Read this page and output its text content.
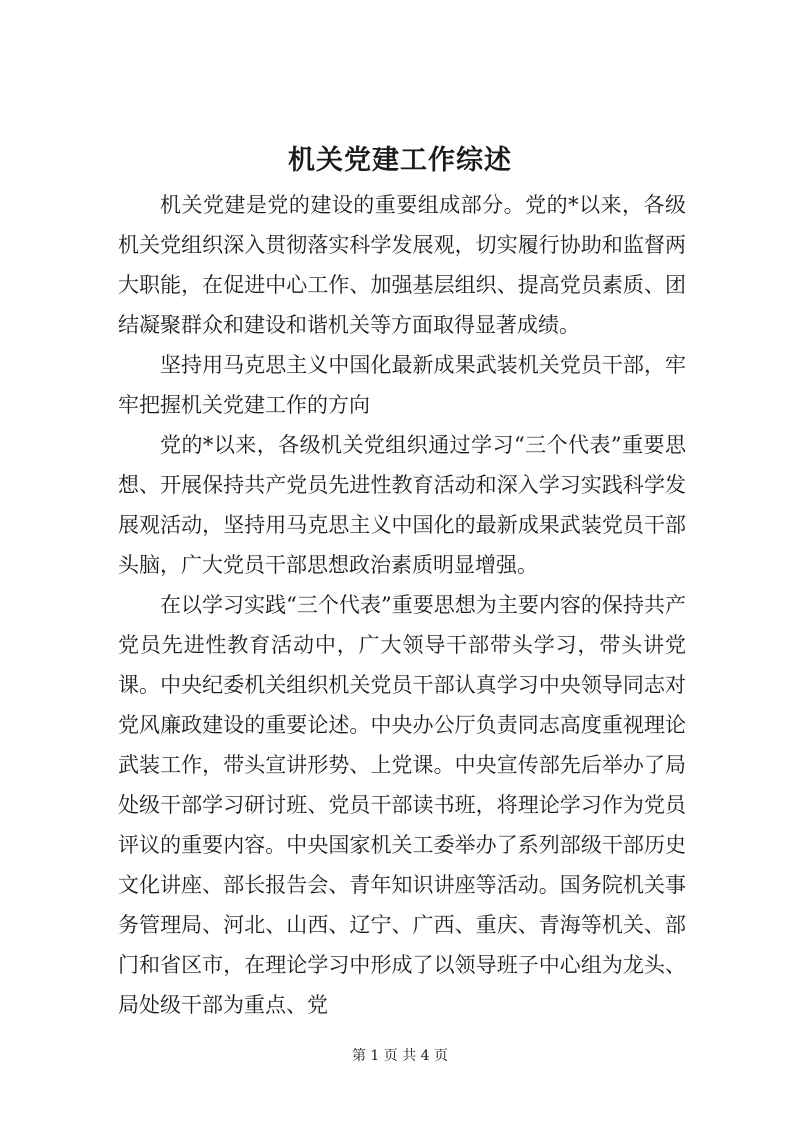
机关党建工作综述

机关党建是党的建设的重要组成部分。党的*以来，各级机关党组织深入贯彻落实科学发展观，切实履行协助和监督两大职能，在促进中心工作、加强基层组织、提高党员素质、团结凝聚群众和建设和谐机关等方面取得显著成绩。

坚持用马克思主义中国化最新成果武装机关党员干部，牢牢把握机关党建工作的方向

党的*以来，各级机关党组织通过学习“三个代表”重要思想、开展保持共产党员先进性教育活动和深入学习实践科学发展观活动，坚持用马克思主义中国化的最新成果武装党员干部头脑，广大党员干部思想政治素质明显增强。

在以学习实践“三个代表”重要思想为主要内容的保持共产党员先进性教育活动中，广大领导干部带头学习，带头讲党课。中央纪委机关组织机关党员干部认真学习中央领导同志对党风廉政建设的重要论述。中央办公厅负责同志高度重视理论武装工作，带头宣讲形势、上党课。中央宣传部先后举办了局处级干部学习研讨班、党员干部读书班，将理论学习作为党员评议的重要内容。中央国家机关工委举办了系列部级干部历史文化讲座、部长报告会、青年知识讲座等活动。国务院机关事务管理局、河北、山西、辽宁、广西、重庆、青海等机关、部门和省区市，在理论学习中形成了以领导班子中心组为龙头、局处级干部为重点、党

第 1 页 共 4 页
